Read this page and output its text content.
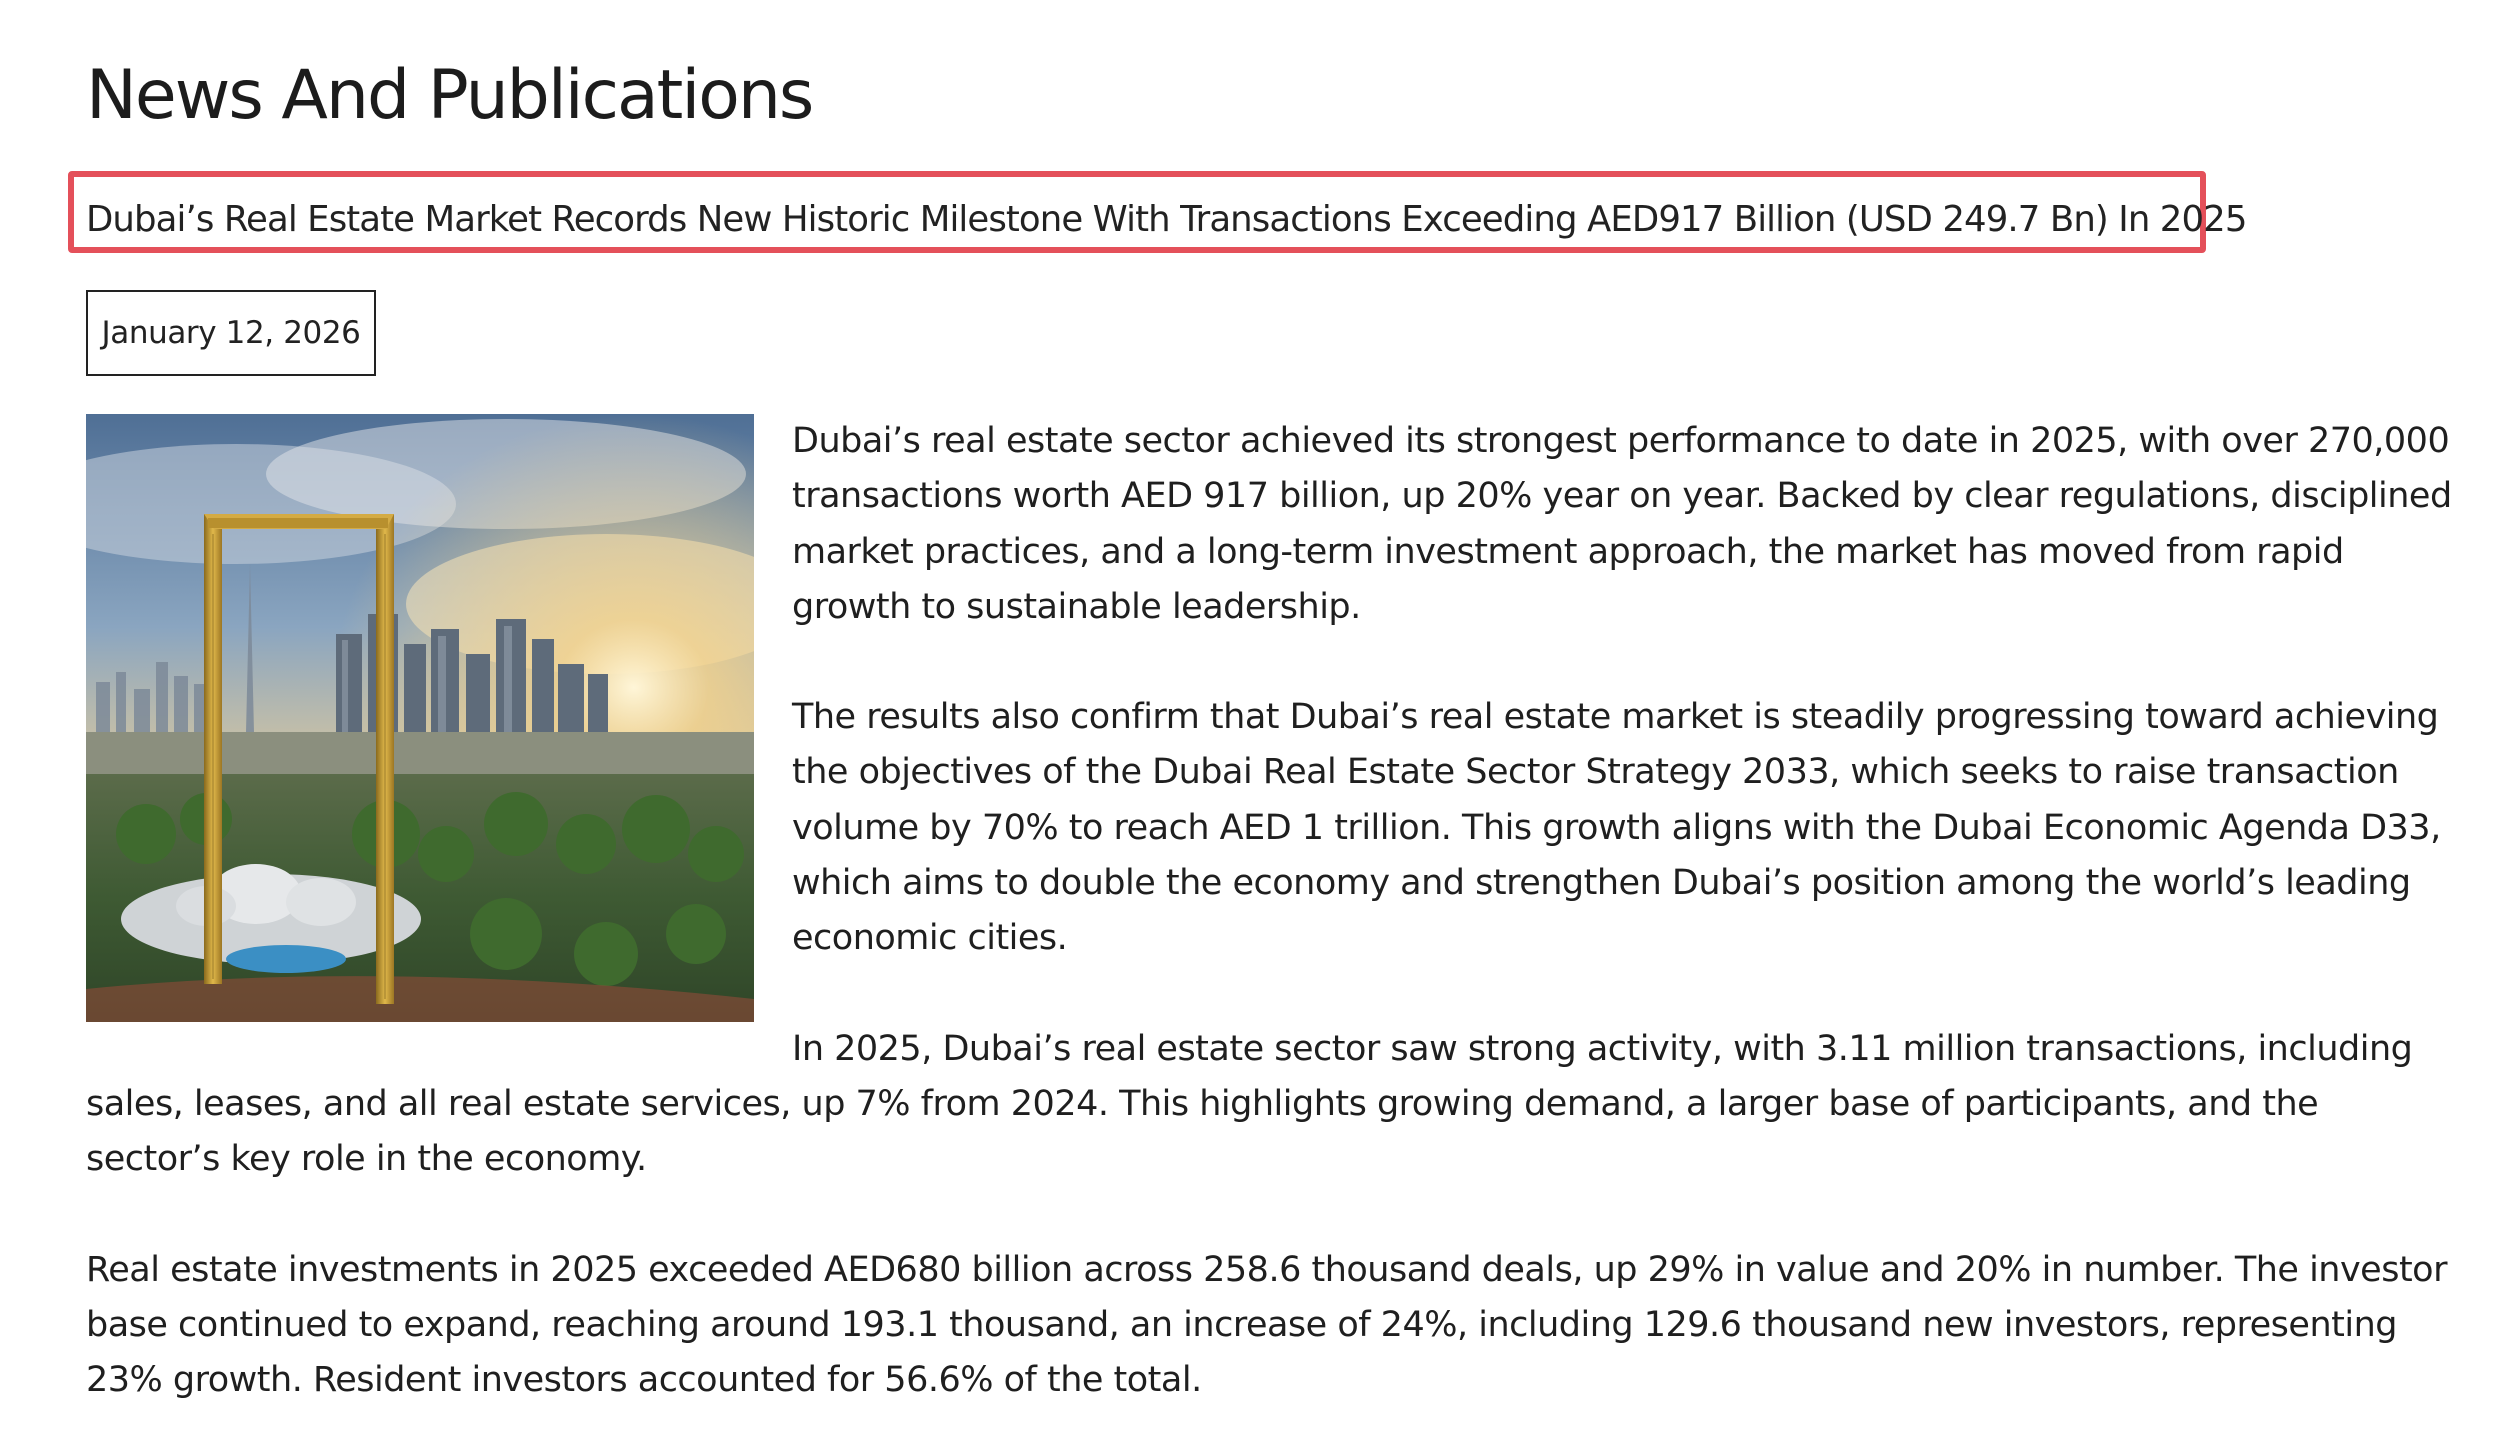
News And Publications
Dubai’s Real Estate Market Records New Historic Milestone With Transactions Exceeding AED917 Billion (USD 249.7 Bn) In 2025
January 12, 2026

Dubai’s real estate sector achieved its strongest performance to date in 2025, with over 270,000 transactions worth AED 917 billion, up 20% year on year. Backed by clear regulations, disciplined market practices, and a long-term investment approach, the market has moved from rapid growth to sustainable leadership.

The results also confirm that Dubai’s real estate market is steadily progressing toward achieving the objectives of the Dubai Real Estate Sector Strategy 2033, which seeks to raise transaction volume by 70% to reach AED 1 trillion. This growth aligns with the Dubai Economic Agenda D33, which aims to double the economy and strengthen Dubai’s position among the world’s leading economic cities.

In 2025, Dubai’s real estate sector saw strong activity, with 3.11 million transactions, including sales, leases, and all real estate services, up 7% from 2024. This highlights growing demand, a larger base of participants, and the sector’s key role in the economy.

Real estate investments in 2025 exceeded AED680 billion across 258.6 thousand deals, up 29% in value and 20% in number. The investor base continued to expand, reaching around 193.1 thousand, an increase of 24%, including 129.6 thousand new investors, representing 23% growth. Resident investors accounted for 56.6% of the total.
